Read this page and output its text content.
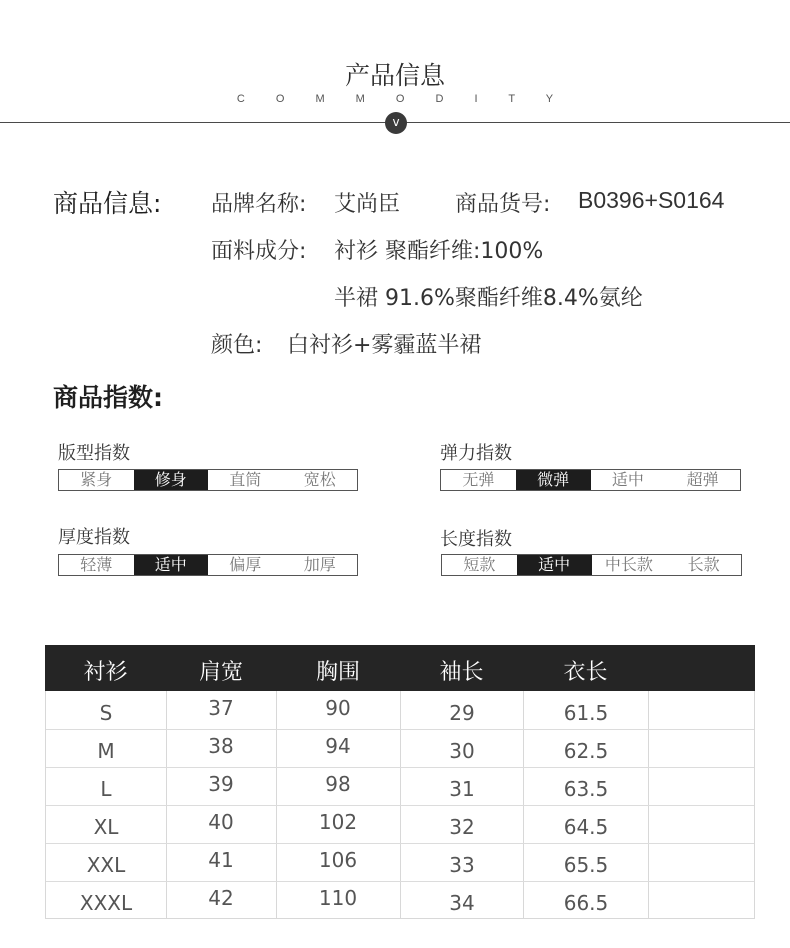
产品信息
C O M M O D I T Y
v
商品信息: 品牌名称: 艾尚臣 商品货号: B0396+S0164
面料成分: 衬衫 聚酯纤维:100%
半裙 91.6%聚酯纤维8.4%氨纶
颜色: 白衬衫+雾霾蓝半裙
商品指数:
版型指数
紧身	修身	直筒	宽松
弹力指数
无弹	微弹	适中	超弹
厚度指数
轻薄	适中	偏厚	加厚
长度指数
短款	适中	中长款	长款
衬衫	肩宽	胸围	袖长	衣长
S	37	90	29	61.5
M	38	94	30	62.5
L	39	98	31	63.5
XL	40	102	32	64.5
XXL	41	106	33	65.5
XXXL	42	110	34	66.5
